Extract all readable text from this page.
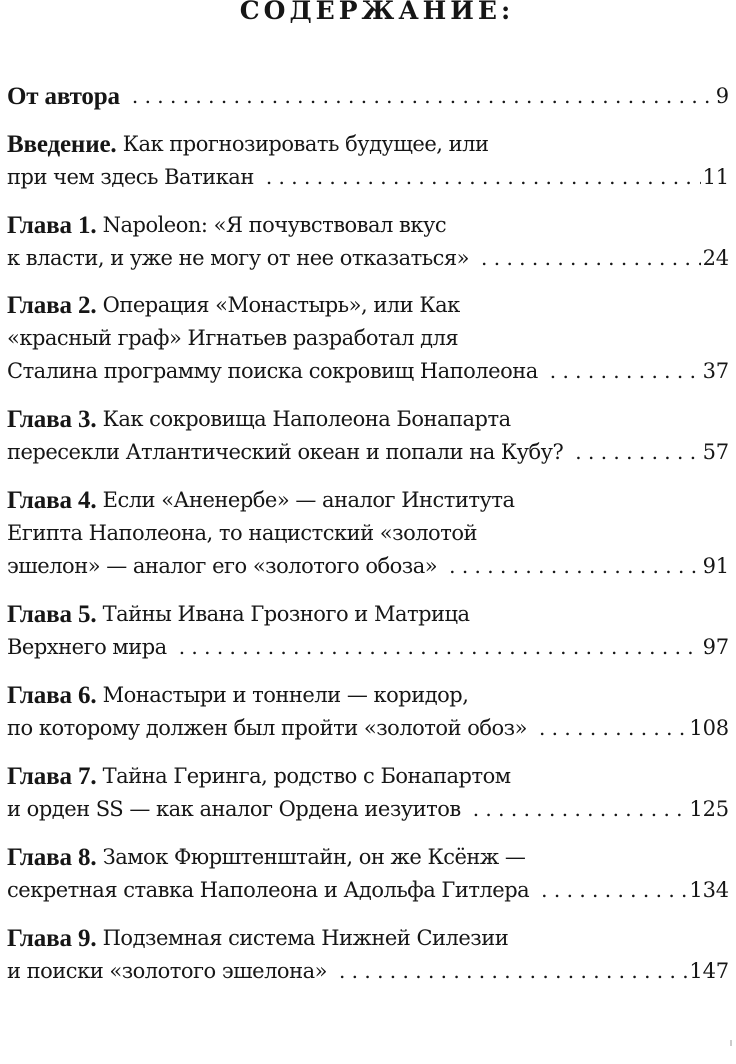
СОДЕРЖАНИЕ:
От автора . . .	9
Введение. Как прогнозировать будущее, или
при чем здесь Ватикан . . .	11
Глава 1. Napoleon: «Я почувствовал вкус
к власти, и уже не могу от нее отказаться» . . .	24
Глава 2. Операция «Монастырь», или Как
«красный граф» Игнатьев разработал для
Сталина программу поиска сокровищ Наполеона . . .	37
Глава 3. Как сокровища Наполеона Бонапарта
пересекли Атлантический океан и попали на Кубу? . . .	57
Глава 4. Если «Аненербе» — аналог Института
Египта Наполеона, то нацистский «золотой
эшелон» — аналог его «золотого обоза» . . .	91
Глава 5. Тайны Ивана Грозного и Матрица
Верхнего мира . . .	97
Глава 6. Монастыри и тоннели — коридор,
по которому должен был пройти «золотой обоз» . . .	108
Глава 7. Тайна Геринга, родство с Бонапартом
и орден SS — как аналог Ордена иезуитов . . .	125
Глава 8. Замок Фюрштенштайн, он же Ксёнж —
секретная ставка Наполеона и Адольфа Гитлера . . .	134
Глава 9. Подземная система Нижней Силезии
и поиски «золотого эшелона» . . .	147
